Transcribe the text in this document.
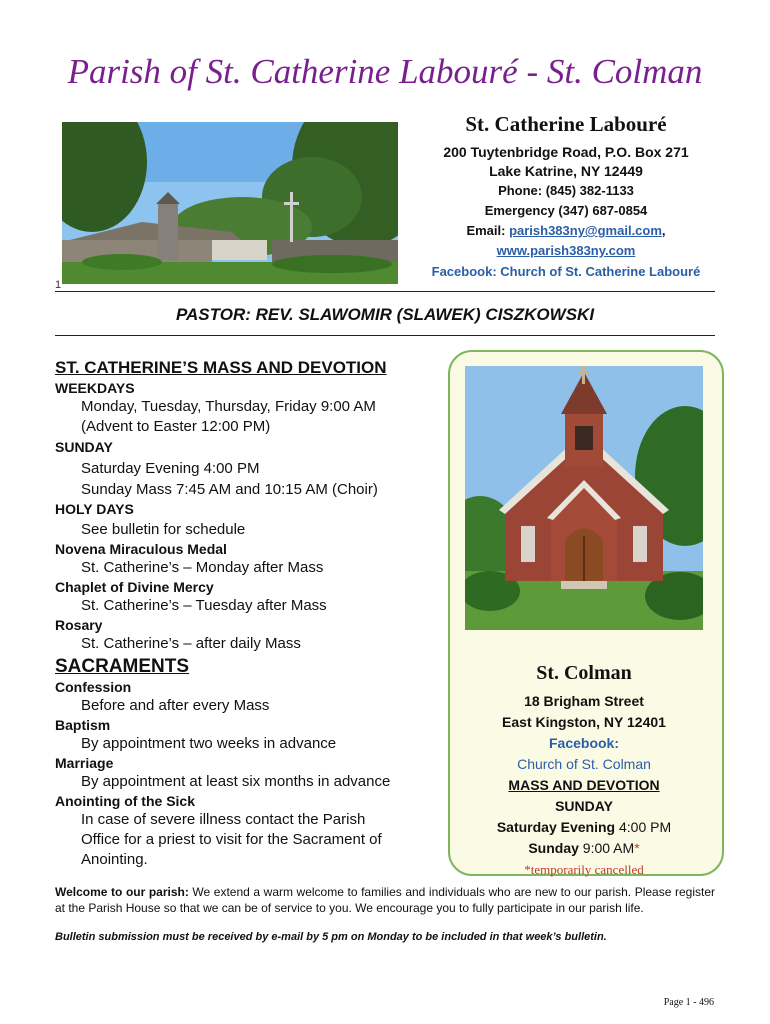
Parish of St. Catherine Labouré - St. Colman
1
St. Catherine Labouré
200 Tuytenbridge Road, P.O. Box 271
Lake Katrine, NY 12449
Phone: (845) 382-1133
Emergency (347) 687-0854
Email: parish383ny@gmail.com,
www.parish383ny.com
Facebook: Church of St. Catherine Labouré
PASTOR: REV. SLAWOMIR (SLAWEK) CISZKOWSKI
ST. CATHERINE’S MASS AND DEVOTION
WEEKDAYS
Monday, Tuesday, Thursday, Friday 9:00 AM
(Advent to Easter 12:00 PM)
SUNDAY
Saturday Evening 4:00 PM
Sunday Mass 7:45 AM and 10:15 AM (Choir)
HOLY DAYS
See bulletin for schedule
Novena Miraculous Medal
St. Catherine’s – Monday after Mass
Chaplet of Divine Mercy
St. Catherine’s – Tuesday after Mass
Rosary
St. Catherine’s – after daily Mass
SACRAMENTS
Confession
Before and after every Mass
Baptism
By appointment two weeks in advance
Marriage
By appointment at least six months in advance
Anointing of the Sick
In case of severe illness contact the Parish
Office for a priest to visit for the Sacrament of
Anointing.
St. Colman
18 Brigham Street
East Kingston, NY 12401
Facebook:
Church of St. Colman
MASS AND DEVOTION
SUNDAY
Saturday Evening 4:00 PM
Sunday 9:00 AM*
*temporarily cancelled
Welcome to our parish: We extend a warm welcome to families and individuals who are new to our parish. Please register at the Parish House so that we can be of service to you. We encourage you to fully participate in our parish life.
Bulletin submission must be received by e-mail by 5 pm on Monday to be included in that week’s bulletin.
Page 1 - 496
